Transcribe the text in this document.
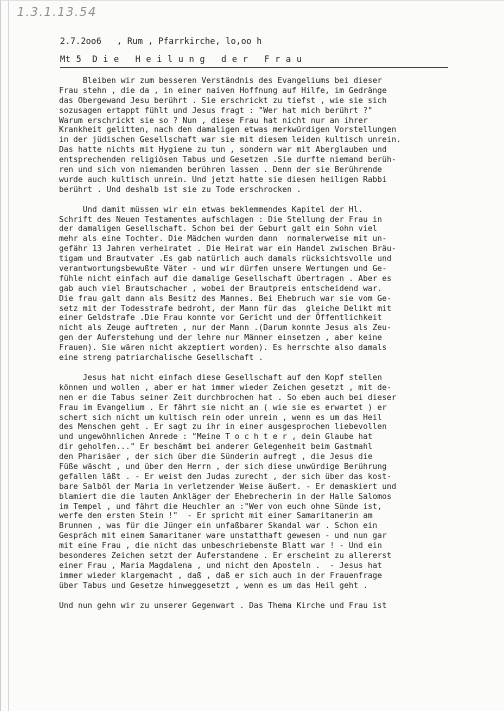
1.3.1.13.54
2.7.2oo6   , Rum , Pfarrkirche, lo,oo h
Mt 5  D i e   H e i l u n g   d e r   F r a u
Bleiben wir zum besseren Verständnis des Evangeliums bei dieser
Frau stehn , die da , in einer naiven Hoffnung auf Hilfe, im Gedränge
das Obergewand Jesu berührt . Sie erschrickt zu tiefst , wie sie sich
sozusagen ertappt fühlt und Jesus fragt : "Wer hat mich berührt ?"
Warum erschrickt sie so ? Nun , diese Frau hat nicht nur an ihrer
Krankheit gelitten, nach den damaligen etwas merkwürdigen Vorstellungen
in der jüdischen Gesellschaft war sie mit diesem leiden kultisch unrein.
Das hatte nichts mit Hygiene zu tun , sondern war mit Aberglauben und
entsprechenden religiösen Tabus und Gesetzen .Sie durfte niemand berüh-
ren und sich von niemanden berühren lassen . Denn der sie Berührende
wurde auch kultisch unrein. Und jetzt hatte sie diesen heiligen Rabbi
berührt . Und deshalb ist sie zu Tode erschrocken .
Und damit müssen wir ein etwas beklemmendes Kapitel der Hl.
Schrift des Neuen Testamentes aufschlagen : Die Stellung der Frau in
der damaligen Gesellschaft. Schon bei der Geburt galt ein Sohn viel
mehr als eine Tochter. Die Mädchen wurden dann  normalerweise mit un-
gefähr 13 Jahren verheiratet . Die Heirat war ein Handel zwischen Bräu-
tigam und Brautvater .Es gab natürlich auch damals rücksichtsvolle und
verantwortungsbewußte Väter - und wir dürfen unsere Wertungen und Ge-
fühle nicht einfach auf die damalige Gesellschaft übertragen . Aber es
gab auch viel Brautschacher , wobei der Brautpreis entscheidend war.
Die frau galt dann als Besitz des Mannes. Bei Ehebruch war sie vom Ge-
setz mit der Todesstrafe bedroht, der Mann für das  gleiche Delikt mit
einer Geldstrafe .Die Frau konnte vor Gericht und der Öffentlichkeit
nicht als Zeuge auftreten , nur der Mann .(Darum konnte Jesus als Zeu-
gen der Auferstehung und der lehre nur Männer einsetzen , aber keine
Frauen). Sie wären nicht akzeptiert worden). Es herrschte also damals
eine streng patriarchalische Gesellschaft .
Jesus hat nicht einfach diese Gesellschaft auf den Kopf stellen
können und wollen , aber er hat immer wieder Zeichen gesetzt , mit de-
nen er die Tabus seiner Zeit durchbrochen hat . So eben auch bei dieser
Frau im Evangelium . Er fährt sie nicht an ( wie sie es erwartet ) er
schert sich nicht um kultisch rein oder unrein , wenn es um das Heil
des Menschen geht . Er sagt zu ihr in einer ausgesprochen liebevollen
und ungewöhnlichen Anrede : "Meine T o c h t e r , dein Glaube hat
dir geholfen..." Er beschämt bei anderer Gelegenheit beim Gastmahl
den Pharisäer , der sich über die Sünderin aufregt , die Jesus die
Füße wäscht , und über den Herrn , der sich diese unwürdige Berührung
gefallen läßt . - Er weist den Judas zurecht , der sich über das kost-
bare Salböl der Maria in verletzender Weise äußert. - Er demaskiert und
blamiert die die lauten Ankläger der Ehebrecherin in der Halle Salomos
im Tempel , und fährt die Heuchler an :"Wer von euch ohne Sünde ist,
werfe den ersten Stein !"  - Er spricht mit einer Samaritanerin am
Brunnen , was für die Jünger ein unfaßbarer Skandal war . Schon ein
Gespräch mit einem Samaritaner ware unstatthaft gewesen - und nun gar
mit eine Frau , die nicht das unbeschriebenste Blatt war ! - Und ein
besonderes Zeichen setzt der Auferstandene . Er erscheint zu allererst
einer Frau , Maria Magdalena , und nicht den Aposteln .  - Jesus hat
immer wieder klargemacht , daß , daß er sich auch in der Frauenfrage
über Tabus und Gesetze hinweggesetzt , wenn es um das Heil geht .
Und nun gehn wir zu unserer Gegenwart . Das Thema Kirche und Frau ist
